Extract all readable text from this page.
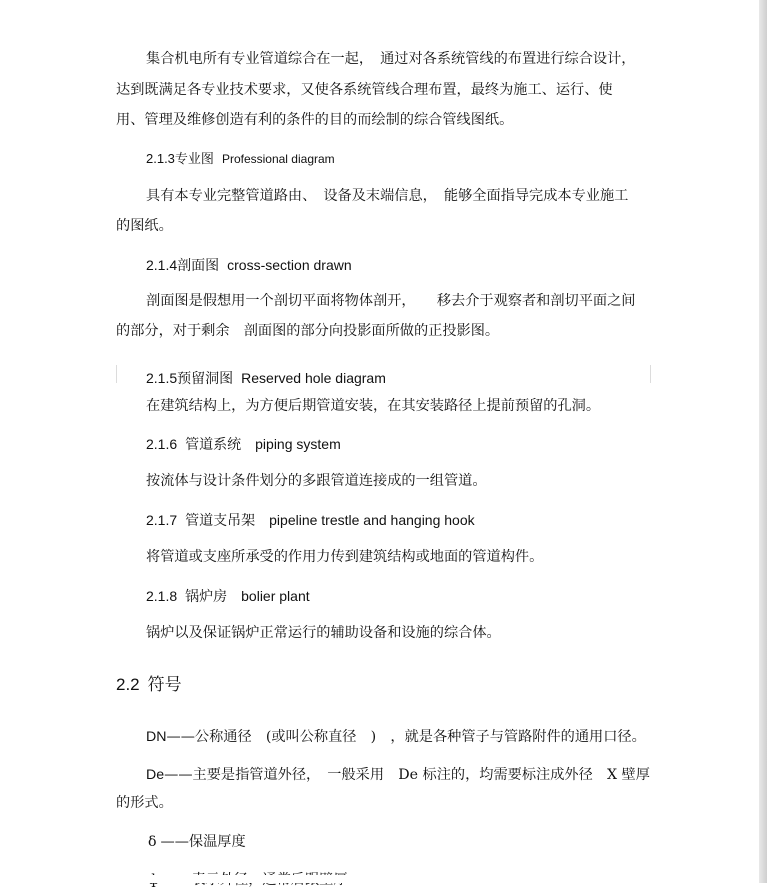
集合机电所有专业管道综合在一起，　通过对各系统管线的布置进行综合设计，
达到既满足各专业技术要求，又使各系统管线合理布置，最终为施工、运行、使
用、管理及维修创造有利的条件的目的而绘制的综合管线图纸。
2.1.3专业图 Professional diagram
具有本专业完整管道路由、　设备及末端信息，　能够全面指导完成本专业施工
的图纸。
2.1.4剖面图 cross-section drawn
剖面图是假想用一个剖切平面将物体剖开，　　移去介于观察者和剖切平面之间
的部分，对于剩余　剖面图的部分向投影面所做的正投影图。
2.1.5预留洞图 Reserved hole diagram
在建筑结构上，为方便后期管道安装，在其安装路径上提前预留的孔洞。
2.1.6 管道系统 piping system
按流体与设计条件划分的多跟管道连接成的一组管道。
2.1.7 管道支吊架 pipeline trestle and hanging hook
将管道或支座所承受的作用力传到建筑结构或地面的管道构件。
2.1.8 锅炉房 bolier plant
锅炉以及保证锅炉正常运行的辅助设备和设施的综合体。
2.2 符号
DN——公称通径　(或叫公称直径　)　，就是各种管子与管路附件的通用口径。
De——主要是指管道外径，　一般采用　De 标注的，均需要标注成外径　X 壁厚
的形式。
δ ——保温厚度
